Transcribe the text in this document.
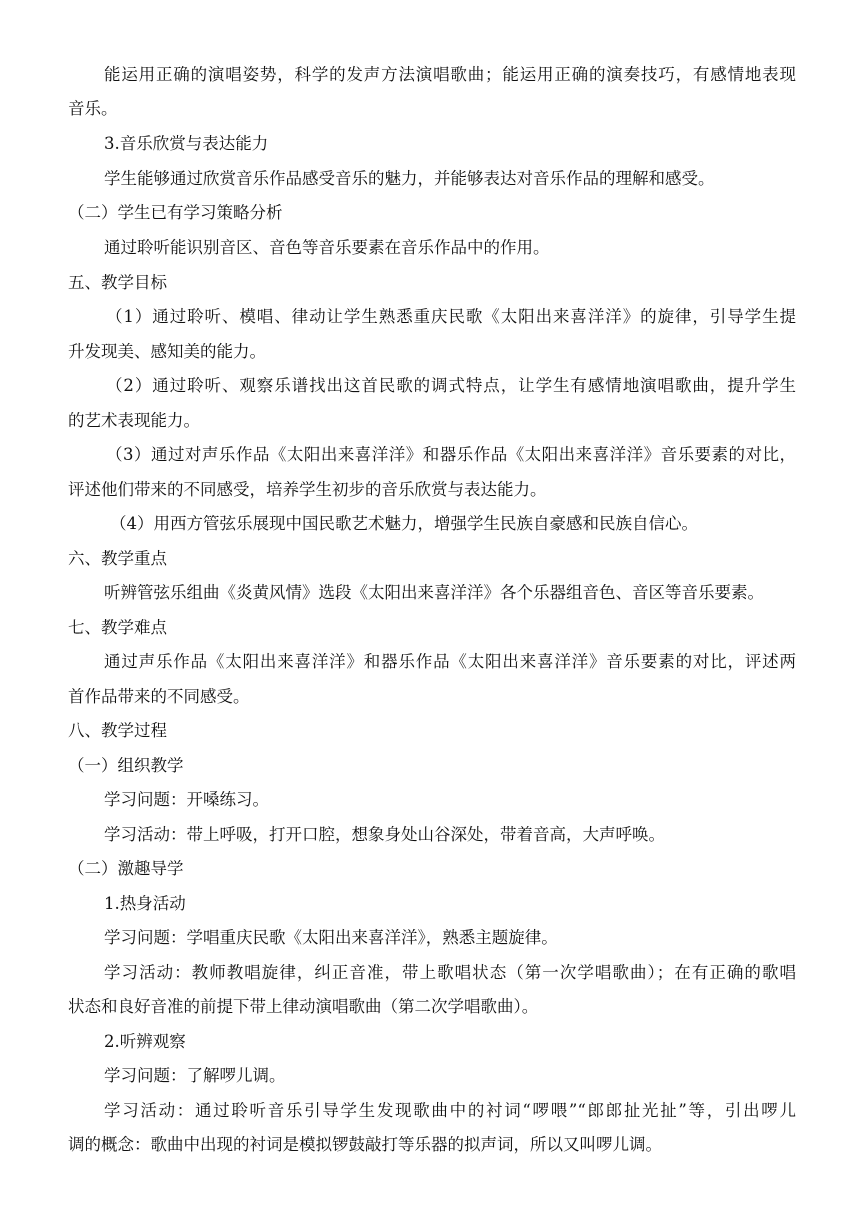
能运用正确的演唱姿势，科学的发声方法演唱歌曲；能运用正确的演奏技巧，有感情地表现
音乐。
3.音乐欣赏与表达能力
学生能够通过欣赏音乐作品感受音乐的魅力，并能够表达对音乐作品的理解和感受。
（二）学生已有学习策略分析
通过聆听能识别音区、音色等音乐要素在音乐作品中的作用。
五、教学目标
（1）通过聆听、模唱、律动让学生熟悉重庆民歌《太阳出来喜洋洋》的旋律，引导学生提
升发现美、感知美的能力。
（2）通过聆听、观察乐谱找出这首民歌的调式特点，让学生有感情地演唱歌曲，提升学生
的艺术表现能力。
（3）通过对声乐作品《太阳出来喜洋洋》和器乐作品《太阳出来喜洋洋》音乐要素的对比，
评述他们带来的不同感受，培养学生初步的音乐欣赏与表达能力。
（4）用西方管弦乐展现中国民歌艺术魅力，增强学生民族自豪感和民族自信心。
六、教学重点
听辨管弦乐组曲《炎黄风情》选段《太阳出来喜洋洋》各个乐器组音色、音区等音乐要素。
七、教学难点
通过声乐作品《太阳出来喜洋洋》和器乐作品《太阳出来喜洋洋》音乐要素的对比，评述两
首作品带来的不同感受。
八、教学过程
（一）组织教学
学习问题：开嗓练习。
学习活动：带上呼吸，打开口腔，想象身处山谷深处，带着音高，大声呼唤。
（二）激趣导学
1.热身活动
学习问题：学唱重庆民歌《太阳出来喜洋洋》，熟悉主题旋律。
学习活动：教师教唱旋律，纠正音准，带上歌唱状态（第一次学唱歌曲）；在有正确的歌唱
状态和良好音准的前提下带上律动演唱歌曲（第二次学唱歌曲）。
2.听辨观察
学习问题：了解啰儿调。
学习活动：通过聆听音乐引导学生发现歌曲中的衬词“啰喂”“郎郎扯光扯”等，引出啰儿
调的概念：歌曲中出现的衬词是模拟锣鼓敲打等乐器的拟声词，所以又叫啰儿调。
